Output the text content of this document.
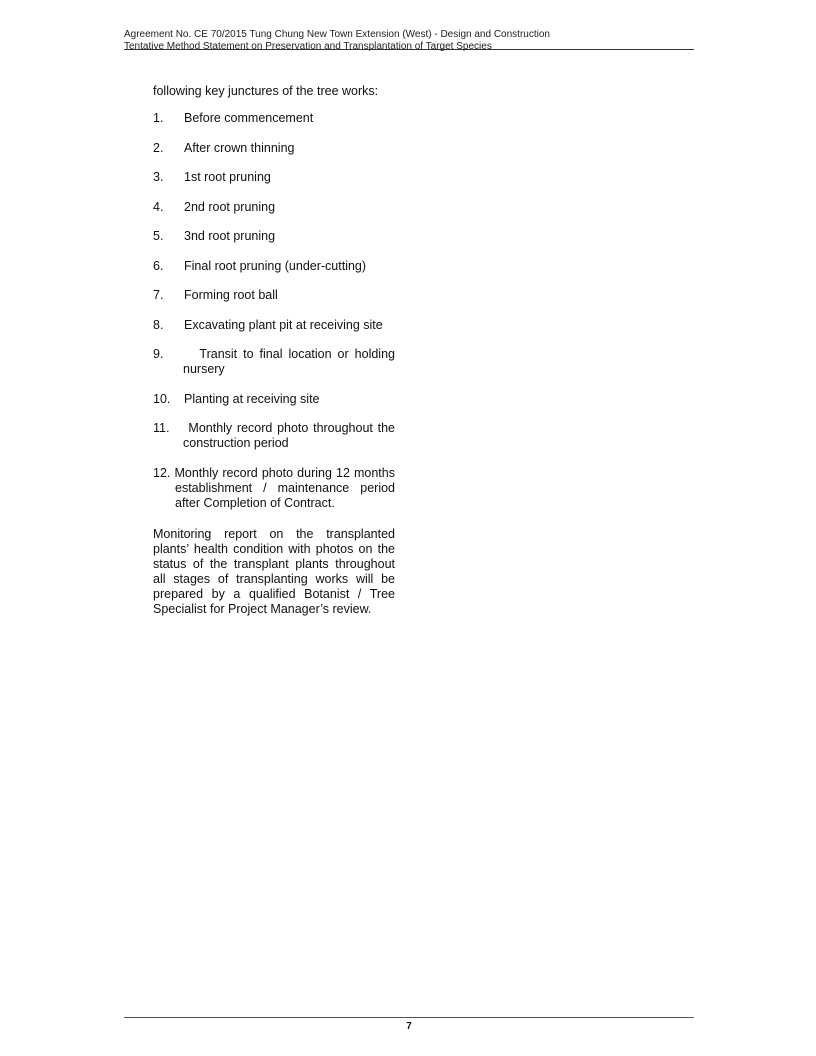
Agreement No. CE 70/2015 Tung Chung New Town Extension (West) - Design and Construction
Tentative Method Statement on Preservation and Transplantation of Target Species

following key junctures of the tree works:

1.	Before commencement
2.	After crown thinning
3.	1st root pruning
4.	2nd root pruning
5.	3nd root pruning
6.	Final root pruning (under-cutting)
7.	Forming root ball
8.	Excavating plant pit at receiving site
9.	Transit to final location or holding nursery
10.	Planting at receiving site
11. Monthly record photo throughout the construction period
12. Monthly record photo during 12 months establishment / maintenance period after Completion of Contract.

Monitoring report on the transplanted plants’ health condition with photos on the status of the transplant plants throughout all stages of transplanting works will be prepared by a qualified Botanist / Tree Specialist for Project Manager’s review.

7
